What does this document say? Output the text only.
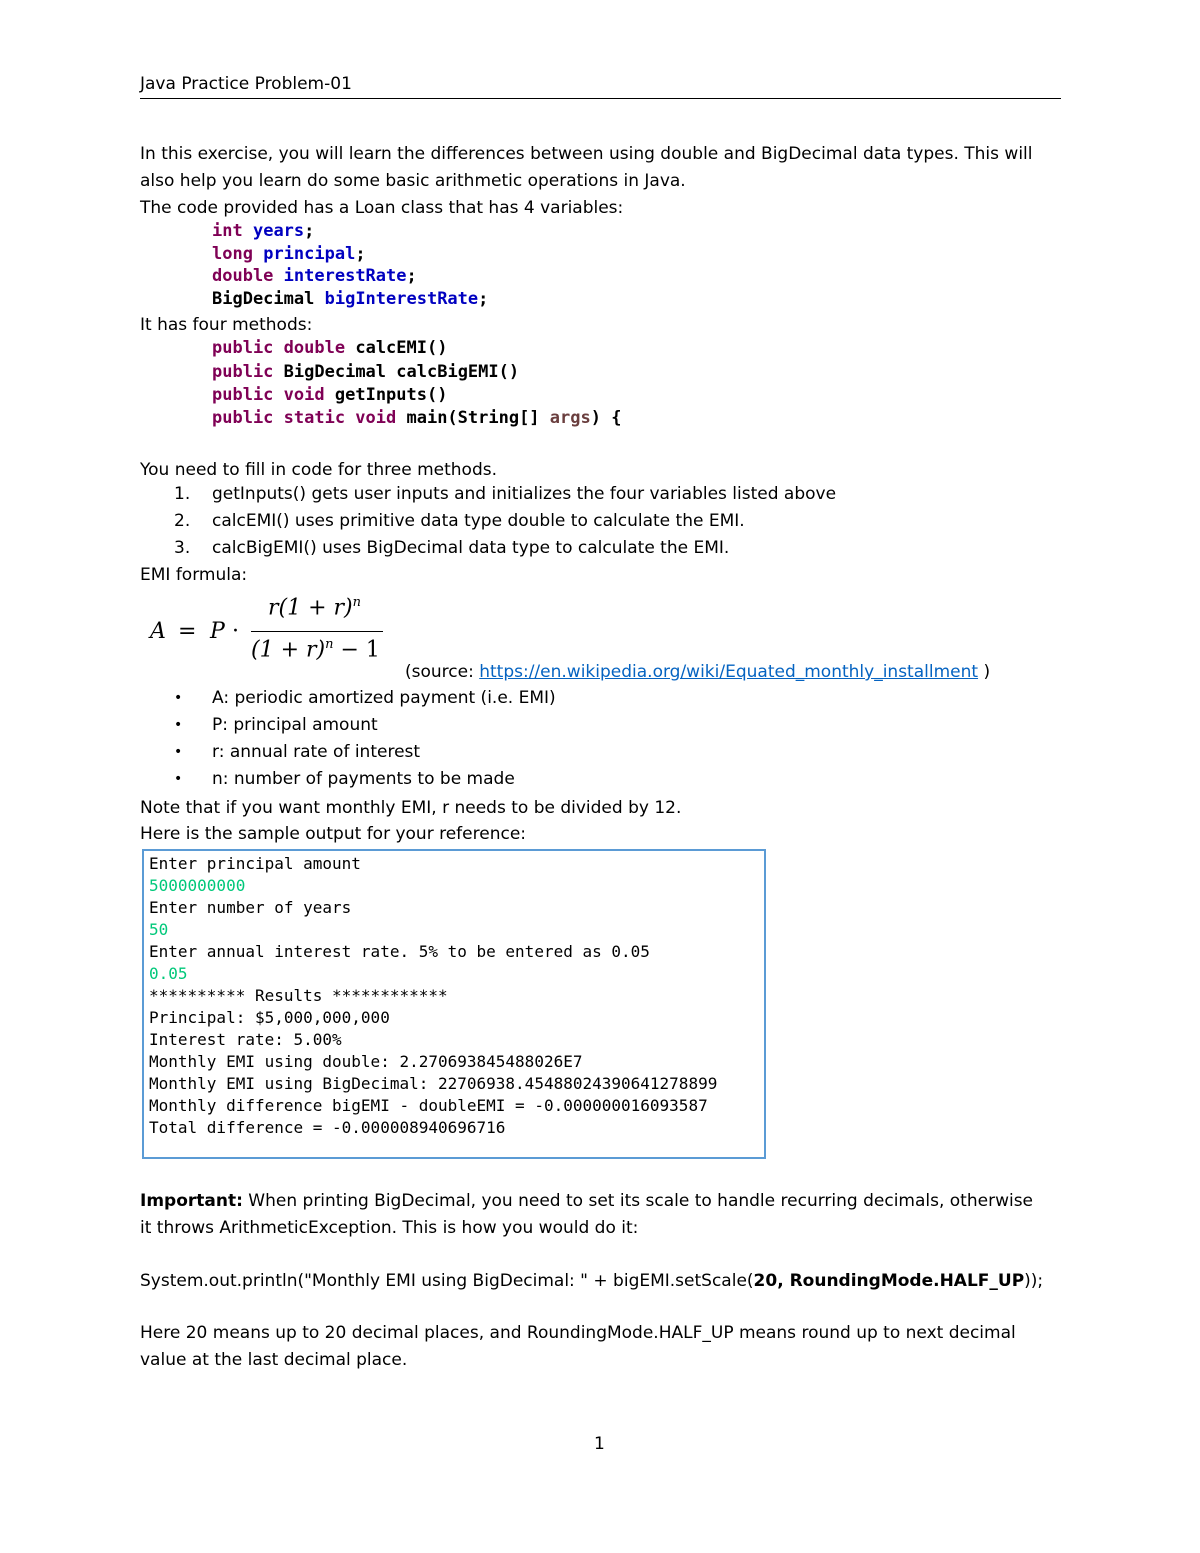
Java Practice Problem-01
In this exercise, you will learn the differences between using double and BigDecimal data types. This will
also help you learn do some basic arithmetic operations in Java.
The code provided has a Loan class that has 4 variables:
int years;
long principal;
double interestRate;
BigDecimal bigInterestRate;
It has four methods:
public double calcEMI()
public BigDecimal calcBigEMI()
public void getInputs()
public static void main(String[] args) {
You need to fill in code for three methods.
1. getInputs() gets user inputs and initializes the four variables listed above
2. calcEMI() uses primitive data type double to calculate the EMI.
3. calcBigEMI() uses BigDecimal data type to calculate the EMI.
EMI formula:
A = P ·
$r(1 + r)^n$
$(1 + r)^n - 1$
(source: https://en.wikipedia.org/wiki/Equated_monthly_installment )
• A: periodic amortized payment (i.e. EMI)
• P: principal amount
• r: annual rate of interest
• n: number of payments to be made
Note that if you want monthly EMI, r needs to be divided by 12.
Here is the sample output for your reference:
Enter principal amount
5000000000
Enter number of years
50
Enter annual interest rate. 5% to be entered as 0.05
0.05
********** Results ************
Principal: $5,000,000,000
Interest rate: 5.00%
Monthly EMI using double: 2.270693845488026E7
Monthly EMI using BigDecimal: 22706938.45488024390641278899
Monthly difference bigEMI - doubleEMI = -0.000000016093587
Total difference = -0.000008940696716
Important: When printing BigDecimal, you need to set its scale to handle recurring decimals, otherwise
it throws ArithmeticException. This is how you would do it:
System.out.println("Monthly EMI using BigDecimal: " + bigEMI.setScale(20, RoundingMode.HALF_UP));
Here 20 means up to 20 decimal places, and RoundingMode.HALF_UP means round up to next decimal
value at the last decimal place.
1
